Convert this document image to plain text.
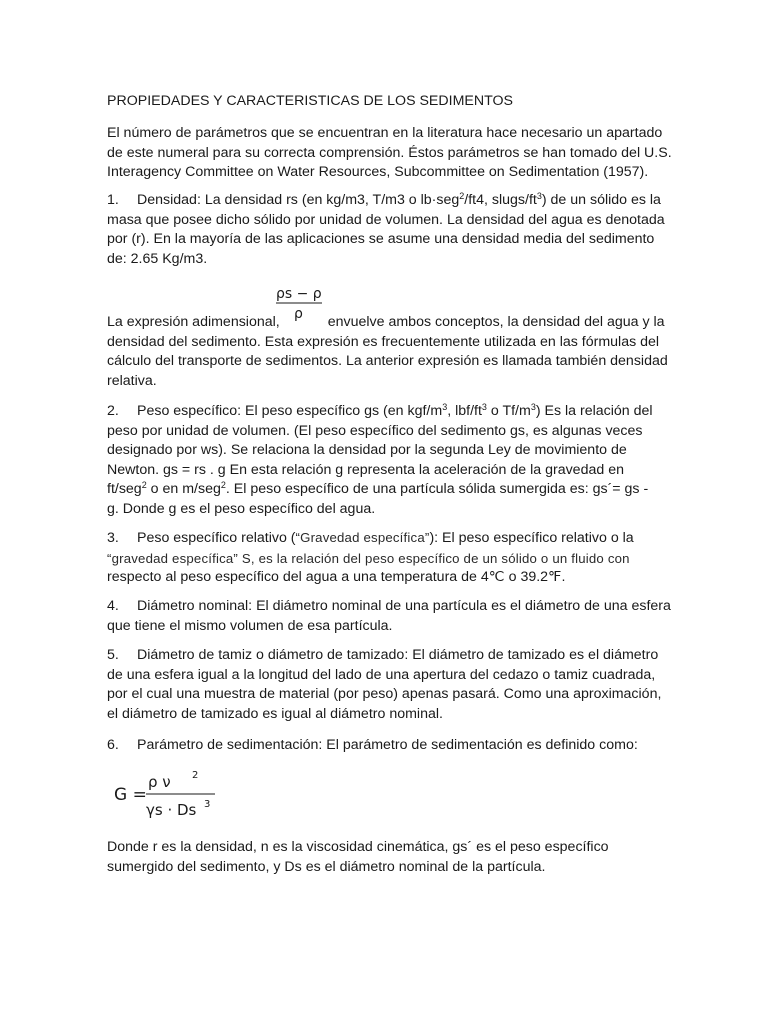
PROPIEDADES Y CARACTERISTICAS DE LOS SEDIMENTOS

El número de parámetros que se encuentran en la literatura hace necesario un apartado
de este numeral para su correcta comprensión. Éstos parámetros se han tomado del U.S.
Interagency Committee on Water Resources, Subcommittee on Sedimentation (1957).

1. Densidad: La densidad rs (en kg/m3, T/m3 o lb·seg$^2$/ft4, slugs/$ft^3$) de un sólido es la
masa que posee dicho sólido por unidad de volumen. La densidad del agua es denotada
por (r). En la mayoría de las aplicaciones se asume una densidad media del sedimento
de: 2.65 Kg/m3.

ρs − ρ
ρ

La expresión adimensional,	envuelve ambos conceptos, la densidad del agua y la
densidad del sedimento. Esta expresión es frecuentemente utilizada en las fórmulas del
cálculo del transporte de sedimentos. La anterior expresión es llamada también densidad
relativa.

2. Peso específico: El peso específico gs (en kgf/$m^3$, lbf/$ft^3$ o $Tf/m^3$) Es la relación del
peso por unidad de volumen. (El peso específico del sedimento gs, es algunas veces
designado por ws). Se relaciona la densidad por la segunda Ley de movimiento de
Newton. gs = rs . g En esta relación g representa la aceleración de la gravedad en
ft/seg$^2$ o en m/seg$^2$. El peso específico de una partícula sólida sumergida es: gs´= gs -
g. Donde g es el peso específico del agua.

3. Peso específico relativo (“Gravedad específica”): El peso específico relativo o la
“gravedad específica” S, es la relación del peso específico de un sólido o un fluido con
respecto al peso específico del agua a una temperatura de 4℃ o 39.2℉.

4. Diámetro nominal: El diámetro nominal de una partícula es el diámetro de una esfera
que tiene el mismo volumen de esa partícula.

5. Diámetro de tamiz o diámetro de tamizado: El diámetro de tamizado es el diámetro
de una esfera igual a la longitud del lado de una apertura del cedazo o tamiz cuadrada,
por el cual una muestra de material (por peso) apenas pasará. Como una aproximación,
el diámetro de tamizado es igual al diámetro nominal.

6. Parámetro de sedimentación: El parámetro de sedimentación es definido como:

G =
ρ ν 2
γs · Ds 3

Donde r es la densidad, n es la viscosidad cinemática, gs´ es el peso específico
sumergido del sedimento, y Ds es el diámetro nominal de la partícula.
